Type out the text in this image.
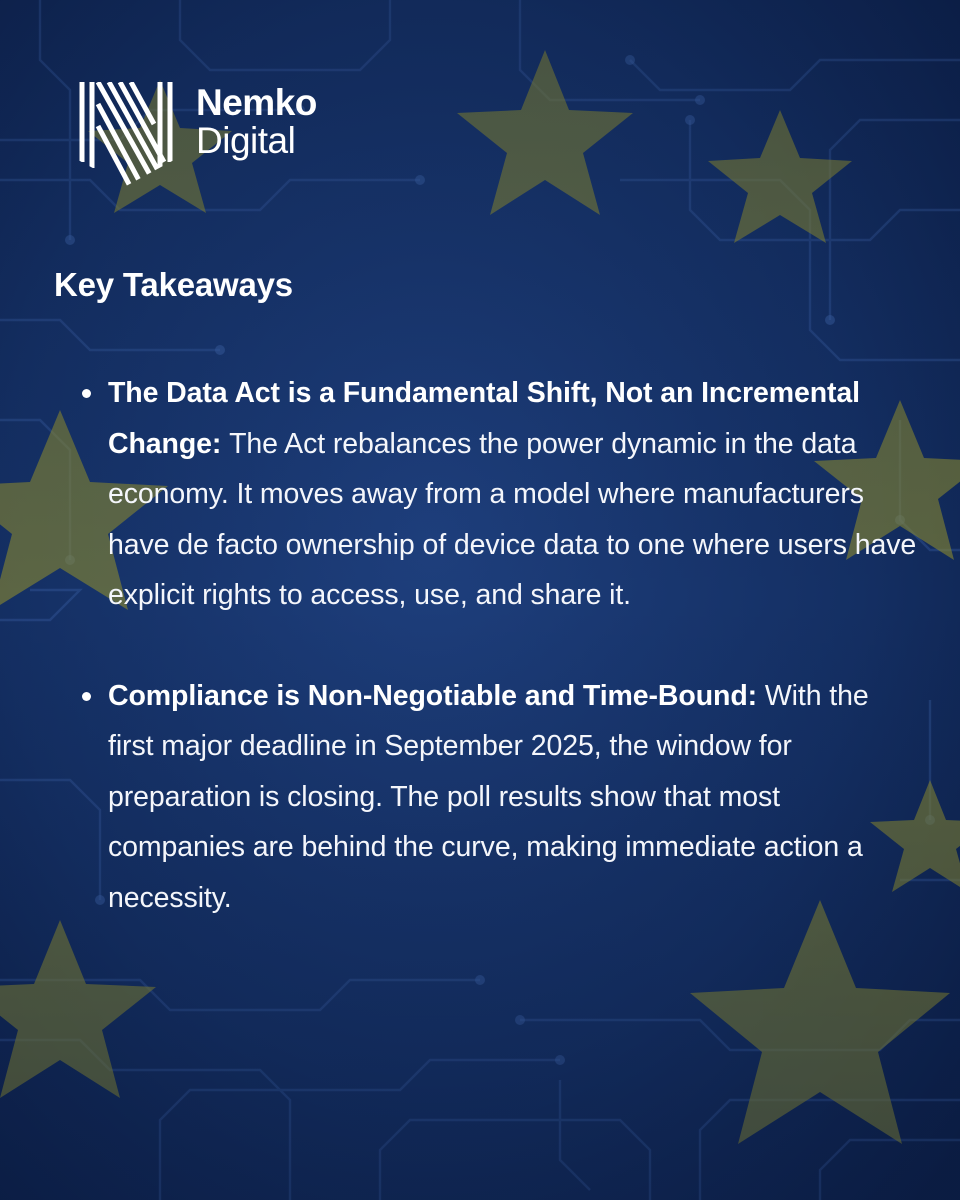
Nemko
Digital
Key Takeaways
The Data Act is a Fundamental Shift, Not an Incremental Change: The Act rebalances the power dynamic in the data economy. It moves away from a model where manufacturers have de facto ownership of device data to one where users have explicit rights to access, use, and share it.
Compliance is Non-Negotiable and Time-Bound: With the first major deadline in September 2025, the window for preparation is closing. The poll results show that most companies are behind the curve, making immediate action a necessity.
